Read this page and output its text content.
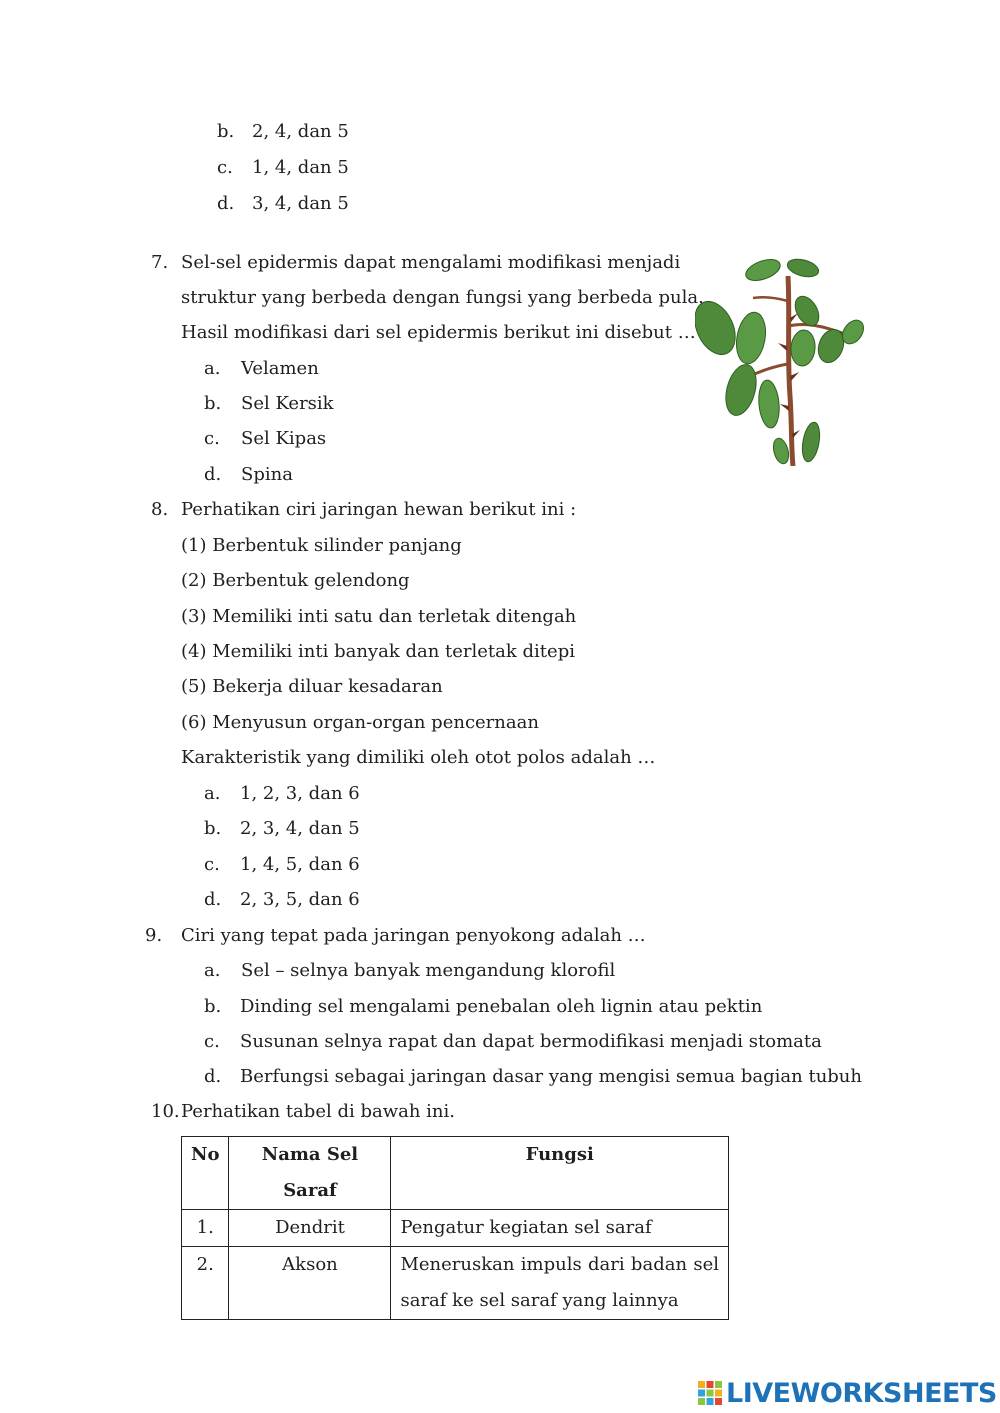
b. 2, 4, dan 5
c. 1, 4, dan 5
d. 3, 4, dan 5
7. Sel-sel epidermis dapat mengalami modifikasi menjadi
struktur yang berbeda dengan fungsi yang berbeda pula.
Hasil modifikasi dari sel epidermis berikut ini disebut …
a. Velamen
b. Sel Kersik
c. Sel Kipas
d. Spina
8. Perhatikan ciri jaringan hewan berikut ini :
(1) Berbentuk silinder panjang
(2) Berbentuk gelendong
(3) Memiliki inti satu dan terletak ditengah
(4) Memiliki inti banyak dan terletak ditepi
(5) Bekerja diluar kesadaran
(6) Menyusun organ-organ pencernaan
Karakteristik yang dimiliki oleh otot polos adalah …
a. 1, 2, 3, dan 6
b. 2, 3, 4, dan 5
c. 1, 4, 5, dan 6
d. 2, 3, 5, dan 6
9. Ciri yang tepat pada jaringan penyokong adalah …
a. Sel – selnya banyak mengandung klorofil
b. Dinding sel mengalami penebalan oleh lignin atau pektin
c. Susunan selnya rapat dan dapat bermodifikasi menjadi stomata
d. Berfungsi sebagai jaringan dasar yang mengisi semua bagian tubuh
10. Perhatikan tabel di bawah ini.
No	Nama Sel Saraf	Fungsi
1.	Dendrit	Pengatur kegiatan sel saraf
2.	Akson	Meneruskan impuls dari badan sel
saraf ke sel saraf yang lainnya
LIVEWORKSHEETS
